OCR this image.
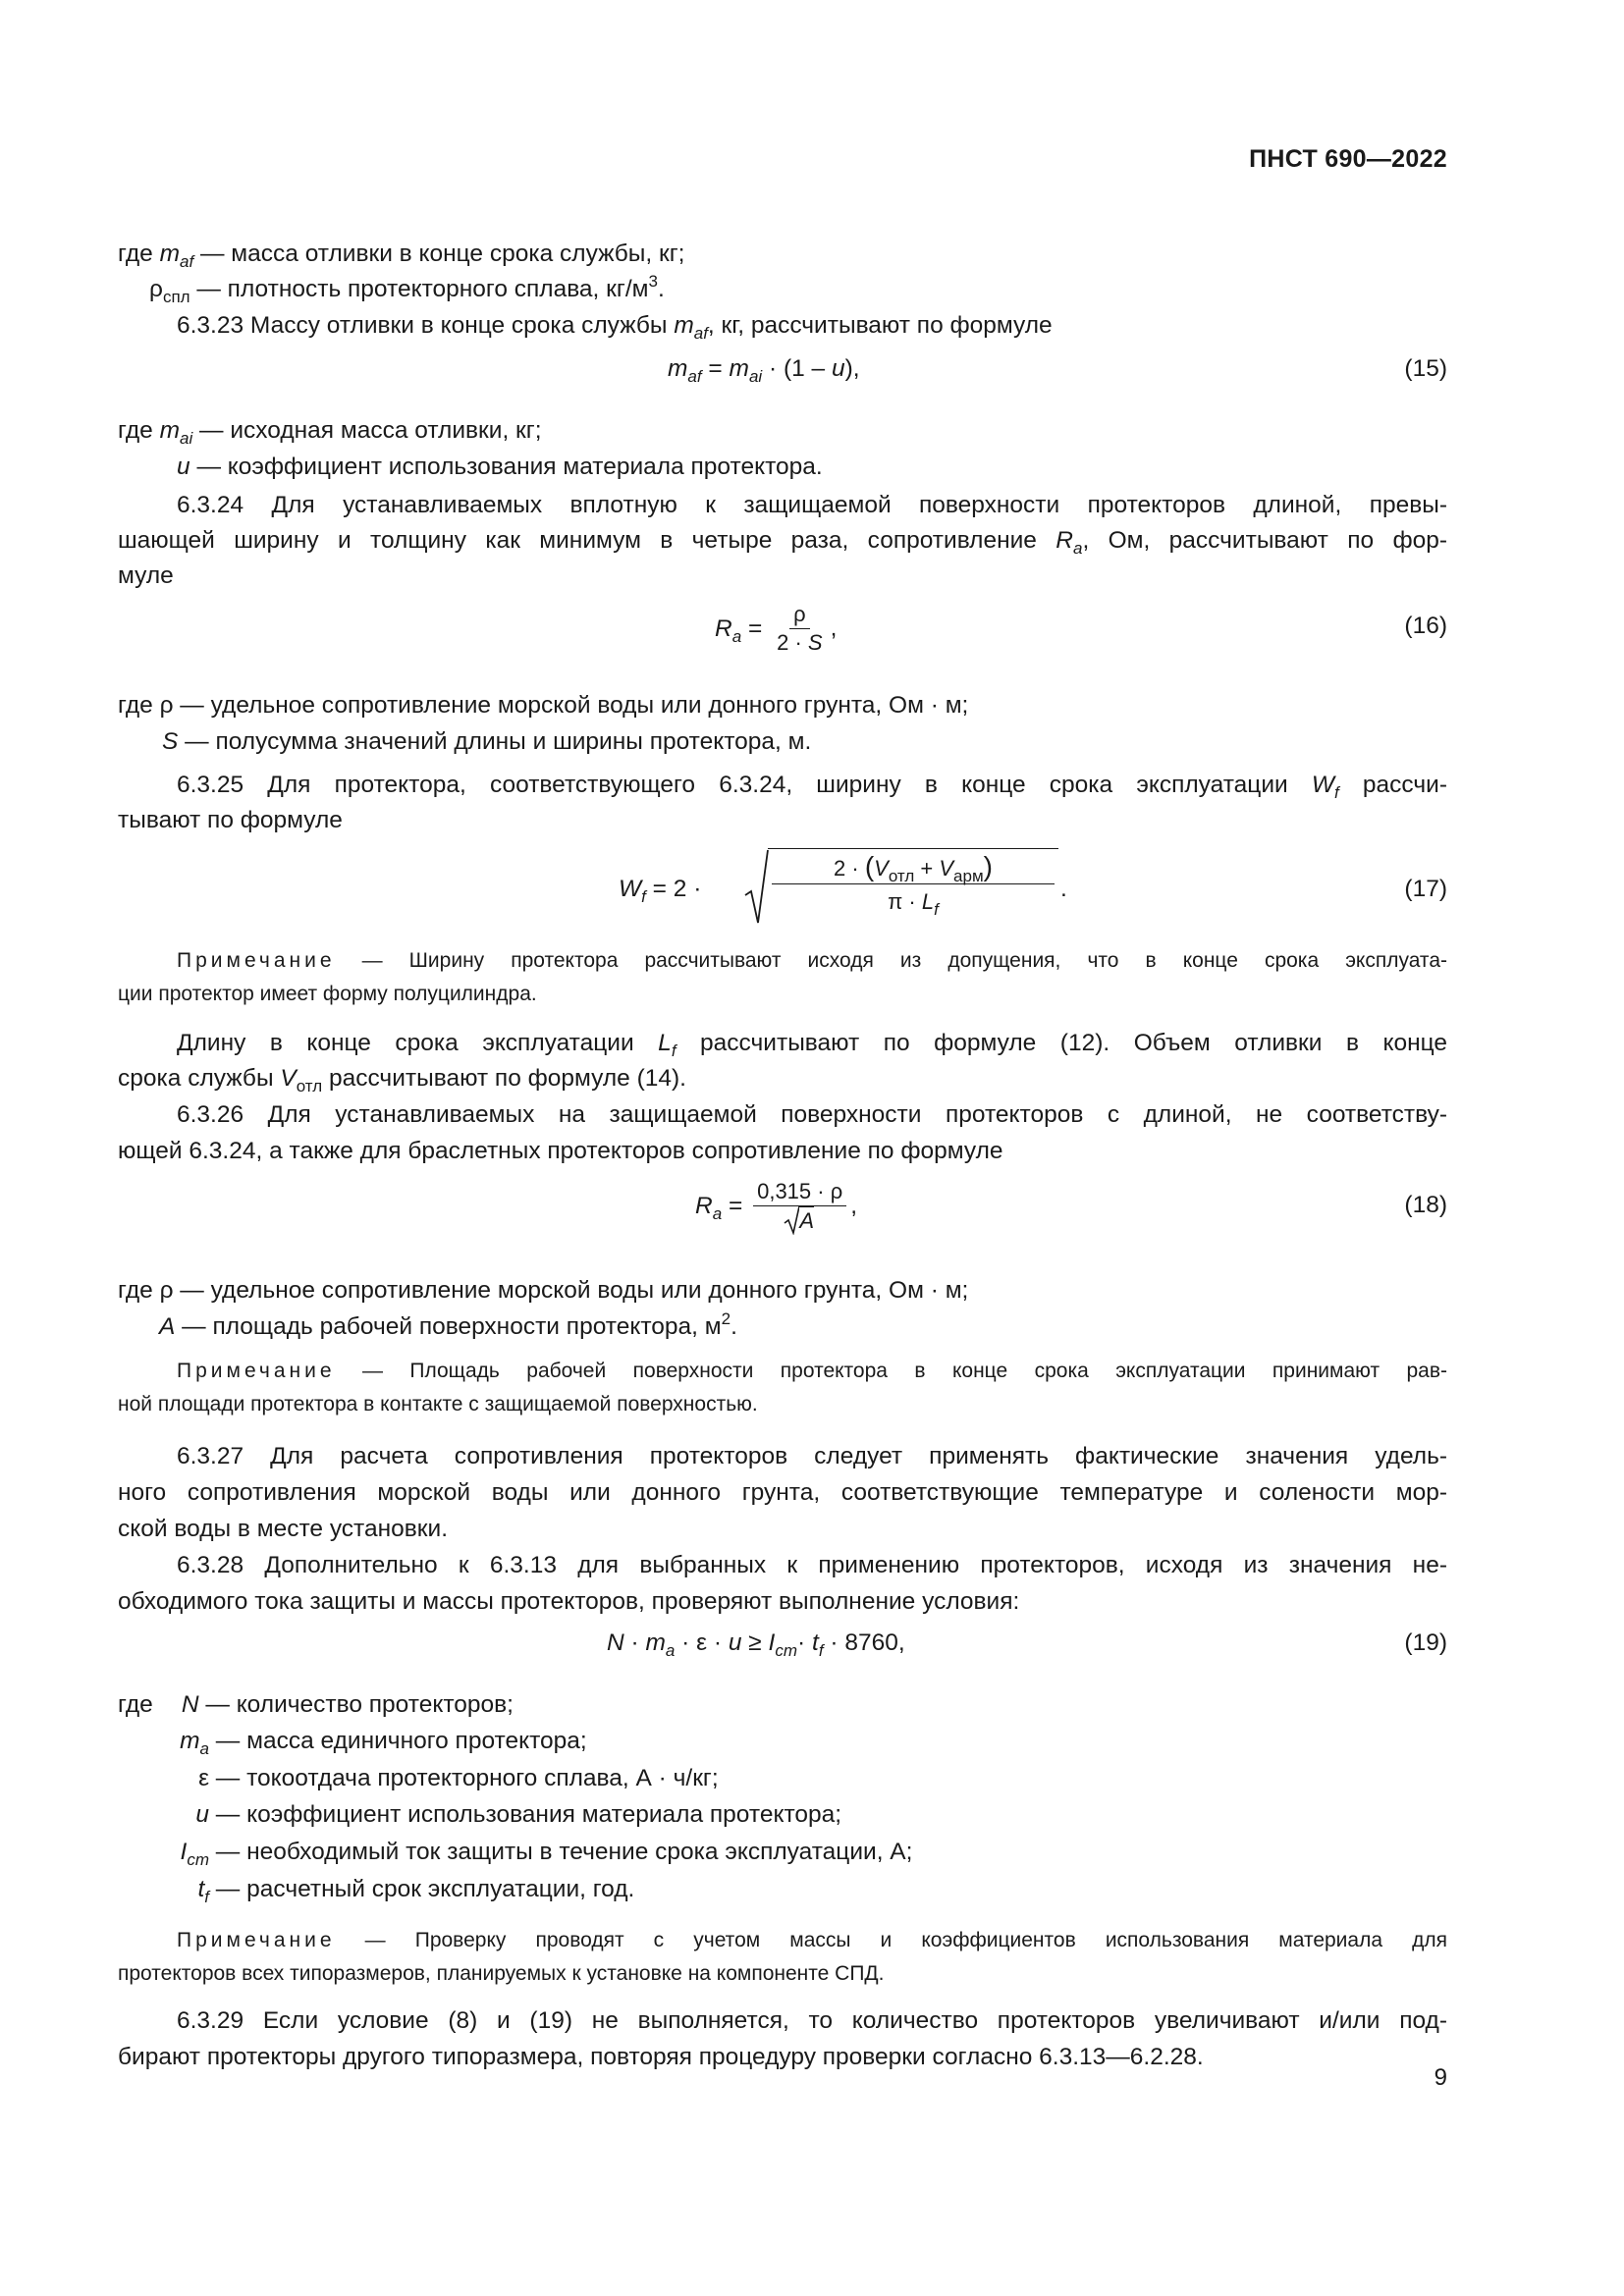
ПНСТ 690—2022
где $m_{af}$ — масса отливки в конце срока службы, кг;
$\rho_{спл}$ — плотность протекторного сплава, $кг/м^3$.
6.3.23 Массу отливки в конце срока службы $m_{af}$, кг, рассчитывают по формуле
$m_{af} = m_{ai} \cdot (1 - u)$,	(15)
где $m_{ai}$ — исходная масса отливки, кг;
u — коэффициент использования материала протектора.
6.3.24 Для устанавливаемых вплотную к защищаемой поверхности протекторов длиной, превы-
шающей ширину и толщину как минимум в четыре раза, сопротивление $R_a$, Ом, рассчитывают по фор-
муле
$R_a = \frac{\rho}{2 \cdot S}$ ,	(16)
где ρ — удельное сопротивление морской воды или донного грунта, Ом · м;
S — полусумма значений длины и ширины протектора, м.
6.3.25 Для протектора, соответствующего 6.3.24, ширину в конце срока эксплуатации $W_f$ рассчи-
тывают по формуле
$W_f = 2$ ·
$2 \cdot (V_{отл} + V_{арм})$
$\pi \cdot L_f$
.	(17)
Примечание — Ширину протектора рассчитывают исходя из допущения, что в конце срока эксплуата-
ции протектор имеет форму полуцилиндра.
Длину в конце срока эксплуатации $L_f$ рассчитывают по формуле (12). Объем отливки в конце
срока службы $V_{отл}$ рассчитывают по формуле (14).
6.3.26 Для устанавливаемых на защищаемой поверхности протекторов с длиной, не соответству-
ющей 6.3.24, а также для браслетных протекторов сопротивление по формуле
$R_a = \frac{0,315 \cdot \rho}{A}$ ,	(18)
где ρ — удельное сопротивление морской воды или донного грунта, Ом · м;
A — площадь рабочей поверхности протектора, $м^2$.
Примечание — Площадь рабочей поверхности протектора в конце срока эксплуатации принимают рав-
ной площади протектора в контакте с защищаемой поверхностью.
6.3.27 Для расчета сопротивления протекторов следует применять фактические значения удель-
ного сопротивления морской воды или донного грунта, соответствующие температуре и солености мор-
ской воды в месте установки.
6.3.28 Дополнительно к 6.3.13 для выбранных к применению протекторов, исходя из значения не-
обходимого тока защиты и массы протекторов, проверяют выполнение условия:
$N \cdot m_a \cdot \varepsilon \cdot u \ge I_{cm}\cdot t_f \cdot 8760$,	(19)
где N — количество протекторов;
$m_a$ — масса единичного протектора;
ε — токоотдача протекторного сплава, А · ч/кг;
u — коэффициент использования материала протектора;
$I_{cm}$ — необходимый ток защиты в течение срока эксплуатации, А;
$t_f$ — расчетный срок эксплуатации, год.
Примечание — Проверку проводят с учетом массы и коэффициентов использования материала для
протекторов всех типоразмеров, планируемых к установке на компоненте СПД.
6.3.29 Если условие (8) и (19) не выполняется, то количество протекторов увеличивают и/или под-
бирают протекторы другого типоразмера, повторяя процедуру проверки согласно 6.3.13—6.2.28.
9
